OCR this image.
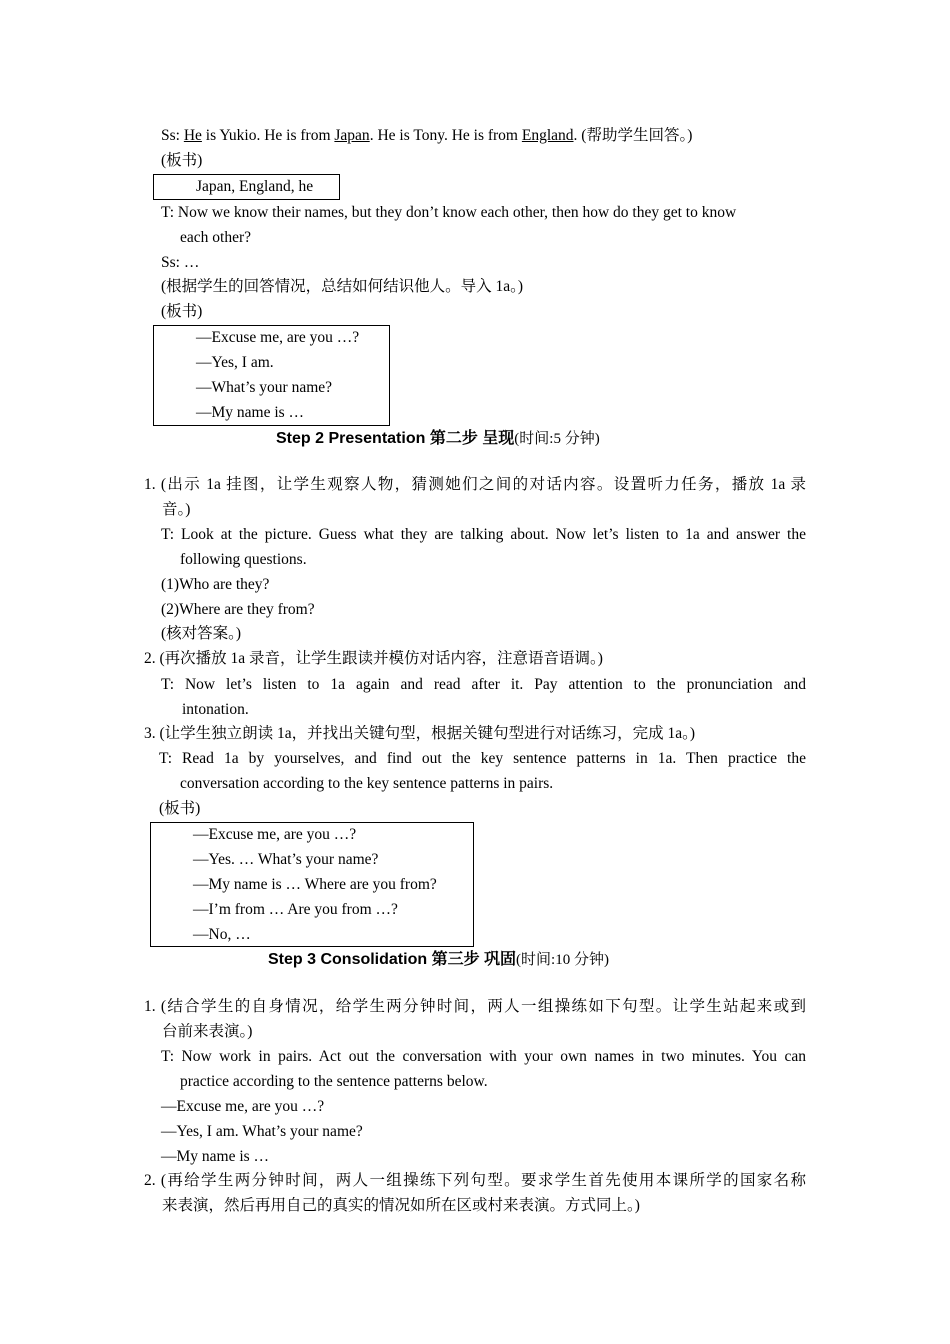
Ss: He is Yukio. He is from Japan. He is Tony. He is from England. (帮助学生回答。)
(板书)
Japan, England, he
T: Now we know their names, but they don’t know each other, then how do they get to know
each other?
Ss: …
(根据学生的回答情况，总结如何结识他人。导入 1a。)
(板书)
—Excuse me, are you …?
—Yes, I am.
—What’s your name?
—My name is …
Step 2 Presentation 第二步 呈现(时间:5 分钟)
1. (出示 1a 挂图，让学生观察人物，猜测她们之间的对话内容。设置听力任务，播放 1a 录
音。)
T: Look at the picture. Guess what they are talking about. Now let’s listen to 1a and answer the
following questions.
(1)Who are they?
(2)Where are they from?
(核对答案。)
2. (再次播放 1a 录音，让学生跟读并模仿对话内容，注意语音语调。)
T: Now let’s listen to 1a again and read after it. Pay attention to the pronunciation and
intonation.
3. (让学生独立朗读 1a，并找出关键句型，根据关键句型进行对话练习，完成 1a。)
T: Read 1a by yourselves, and find out the key sentence patterns in 1a. Then practice the
conversation according to the key sentence patterns in pairs.
(板书)
—Excuse me, are you …?
—Yes. … What’s your name?
—My name is … Where are you from?
—I’m from … Are you from …?
—No, …
Step 3 Consolidation 第三步 巩固(时间:10 分钟)
1. (结合学生的自身情况，给学生两分钟时间，两人一组操练如下句型。让学生站起来或到
台前来表演。)
T: Now work in pairs. Act out the conversation with your own names in two minutes. You can
practice according to the sentence patterns below.
—Excuse me, are you …?
—Yes, I am. What’s your name?
—My name is …
2. (再给学生两分钟时间，两人一组操练下列句型。要求学生首先使用本课所学的国家名称
来表演，然后再用自己的真实的情况如所在区或村来表演。方式同上。)
